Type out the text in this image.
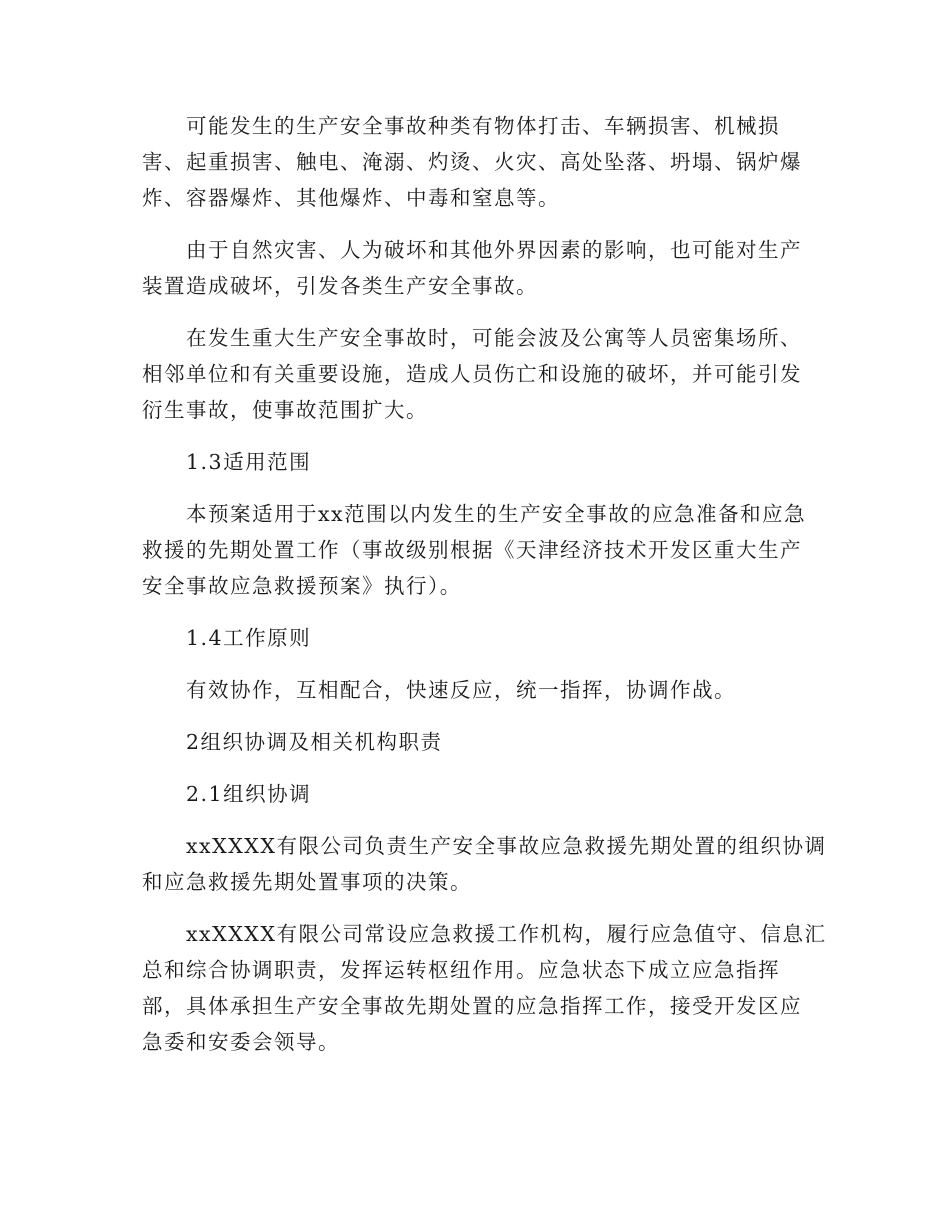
可能发生的生产安全事故种类有物体打击、车辆损害、机械损
害、起重损害、触电、淹溺、灼烫、火灾、高处坠落、坍塌、锅炉爆
炸、容器爆炸、其他爆炸、中毒和窒息等。
由于自然灾害、人为破坏和其他外界因素的影响，也可能对生产
装置造成破坏，引发各类生产安全事故。
在发生重大生产安全事故时，可能会波及公寓等人员密集场所、
相邻单位和有关重要设施，造成人员伤亡和设施的破坏，并可能引发
衍生事故，使事故范围扩大。
1.3适用范围
本预案适用于xx范围以内发生的生产安全事故的应急准备和应急
救援的先期处置工作（事故级别根据《天津经济技术开发区重大生产
安全事故应急救援预案》执行）。
1.4工作原则
有效协作，互相配合，快速反应，统一指挥，协调作战。
2组织协调及相关机构职责
2.1组织协调
xxXXXX有限公司负责生产安全事故应急救援先期处置的组织协调
和应急救援先期处置事项的决策。
xxXXXX有限公司常设应急救援工作机构，履行应急值守、信息汇
总和综合协调职责，发挥运转枢纽作用。应急状态下成立应急指挥
部，具体承担生产安全事故先期处置的应急指挥工作，接受开发区应
急委和安委会领导。
